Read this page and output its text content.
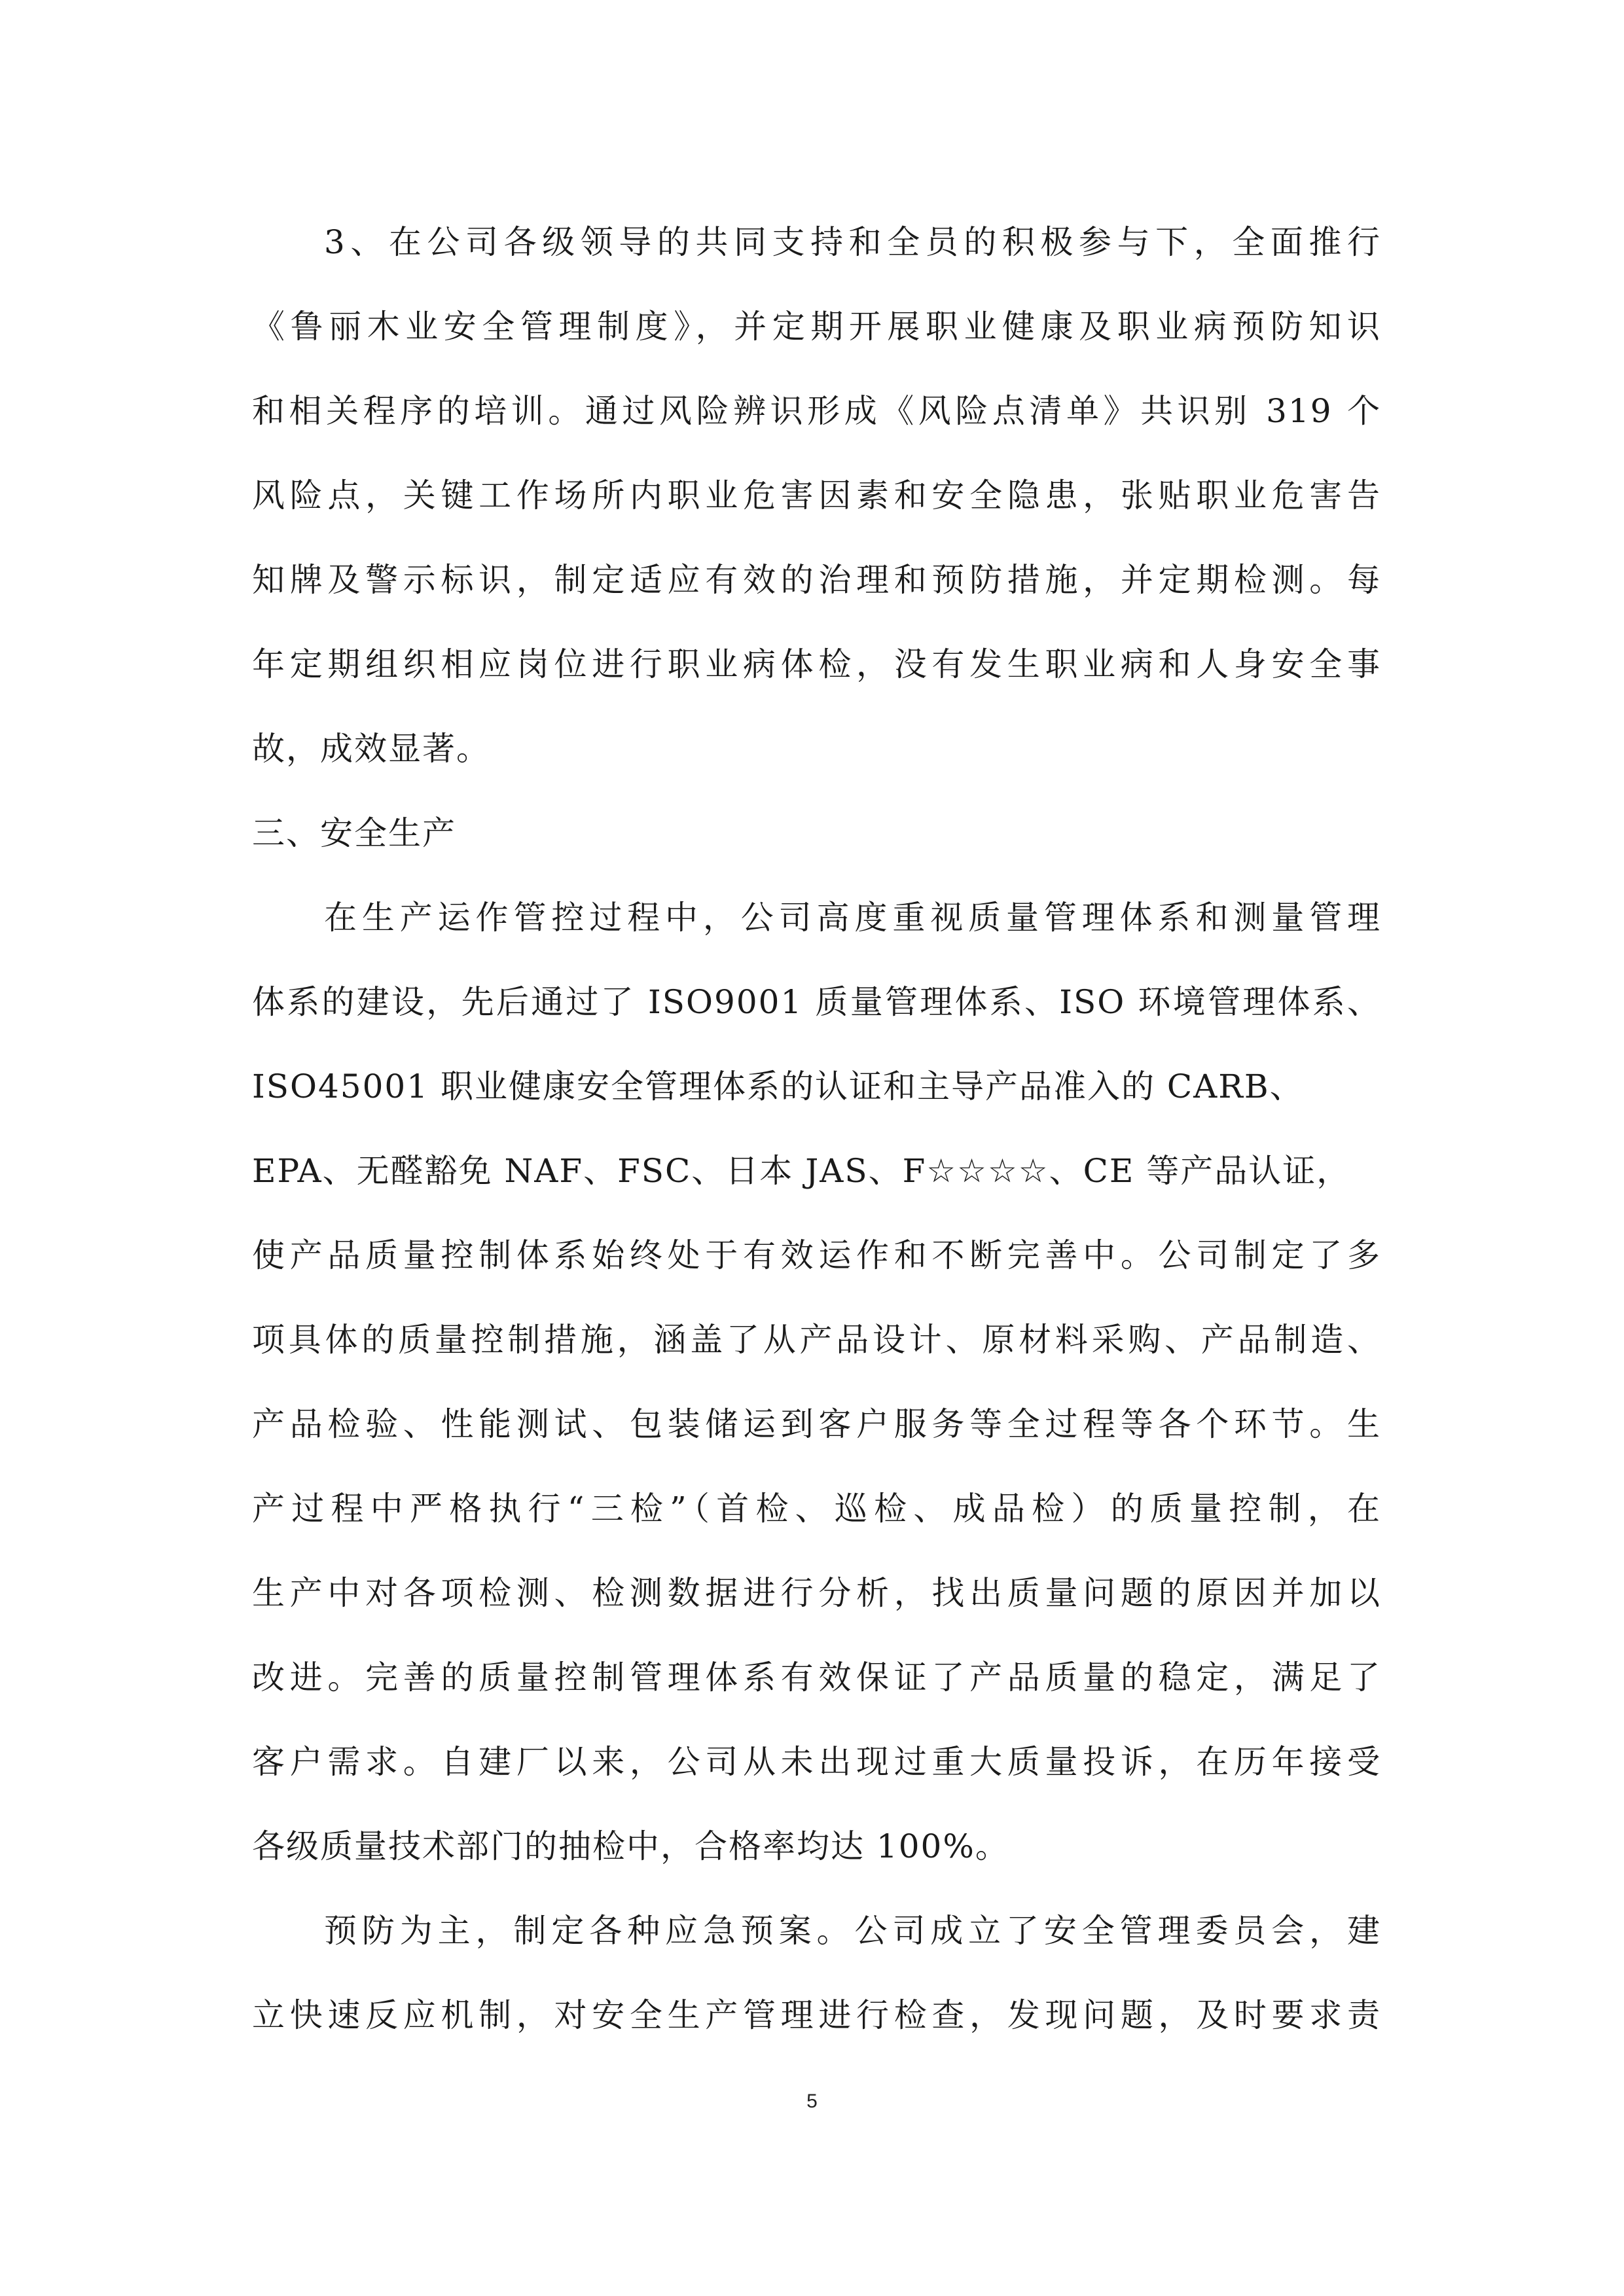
3、在公司各级领导的共同支持和全员的积极参与下，全面推行
《鲁丽木业安全管理制度》，并定期开展职业健康及职业病预防知识
和相关程序的培训。通过风险辨识形成《风险点清单》共识别 319 个
风险点，关键工作场所内职业危害因素和安全隐患，张贴职业危害告
知牌及警示标识，制定适应有效的治理和预防措施，并定期检测。每
年定期组织相应岗位进行职业病体检，没有发生职业病和人身安全事
故，成效显著。
三、安全生产
在生产运作管控过程中，公司高度重视质量管理体系和测量管理
体系的建设，先后通过了 ISO9001 质量管理体系、ISO 环境管理体系、
ISO45001 职业健康安全管理体系的认证和主导产品准入的 CARB、
EPA、无醛豁免 NAF、FSC、日本 JAS、F☆☆☆☆、CE 等产品认证，
使产品质量控制体系始终处于有效运作和不断完善中。公司制定了多
项具体的质量控制措施，涵盖了从产品设计、原材料采购、产品制造、
产品检验、性能测试、包装储运到客户服务等全过程等各个环节。生
产过程中严格执行“三检”（首检、巡检、成品检）的质量控制，在
生产中对各项检测、检测数据进行分析，找出质量问题的原因并加以
改进。完善的质量控制管理体系有效保证了产品质量的稳定，满足了
客户需求。自建厂以来，公司从未出现过重大质量投诉，在历年接受
各级质量技术部门的抽检中，合格率均达 100%。
预防为主，制定各种应急预案。公司成立了安全管理委员会，建
立快速反应机制，对安全生产管理进行检查，发现问题，及时要求责
5
